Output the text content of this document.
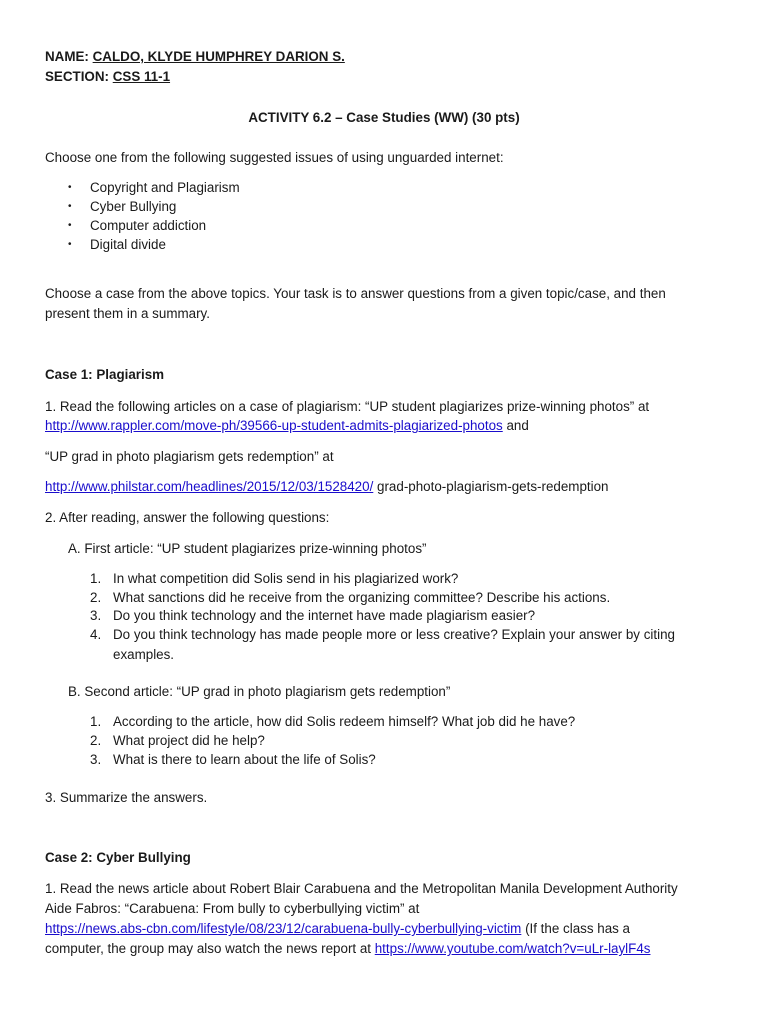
NAME: CALDO, KLYDE HUMPHREY DARION S.
SECTION: CSS 11-1
ACTIVITY 6.2 – Case Studies (WW) (30 pts)
Choose one from the following suggested issues of using unguarded internet:
• Copyright and Plagiarism
• Cyber Bullying
• Computer addiction
• Digital divide
Choose a case from the above topics. Your task is to answer questions from a given topic/case, and then
present them in a summary.
Case 1: Plagiarism
1. Read the following articles on a case of plagiarism: “UP student plagiarizes prize-winning photos” at
http://www.rappler.com/move-ph/39566-up-student-admits-plagiarized-photos and
“UP grad in photo plagiarism gets redemption” at
http://www.philstar.com/headlines/2015/12/03/1528420/ grad-photo-plagiarism-gets-redemption
2. After reading, answer the following questions:
A. First article: “UP student plagiarizes prize-winning photos”
1. In what competition did Solis send in his plagiarized work?
2. What sanctions did he receive from the organizing committee? Describe his actions.
3. Do you think technology and the internet have made plagiarism easier?
4. Do you think technology has made people more or less creative? Explain your answer by citing
examples.
B. Second article: “UP grad in photo plagiarism gets redemption”
1. According to the article, how did Solis redeem himself? What job did he have?
2. What project did he help?
3. What is there to learn about the life of Solis?
3. Summarize the answers.
Case 2: Cyber Bullying
1. Read the news article about Robert Blair Carabuena and the Metropolitan Manila Development Authority
Aide Fabros: “Carabuena: From bully to cyberbullying victim” at
https://news.abs-cbn.com/lifestyle/08/23/12/carabuena-bully-cyberbullying-victim (If the class has a
computer, the group may also watch the news report at https://www.youtube.com/watch?v=uLr-laylF4s
